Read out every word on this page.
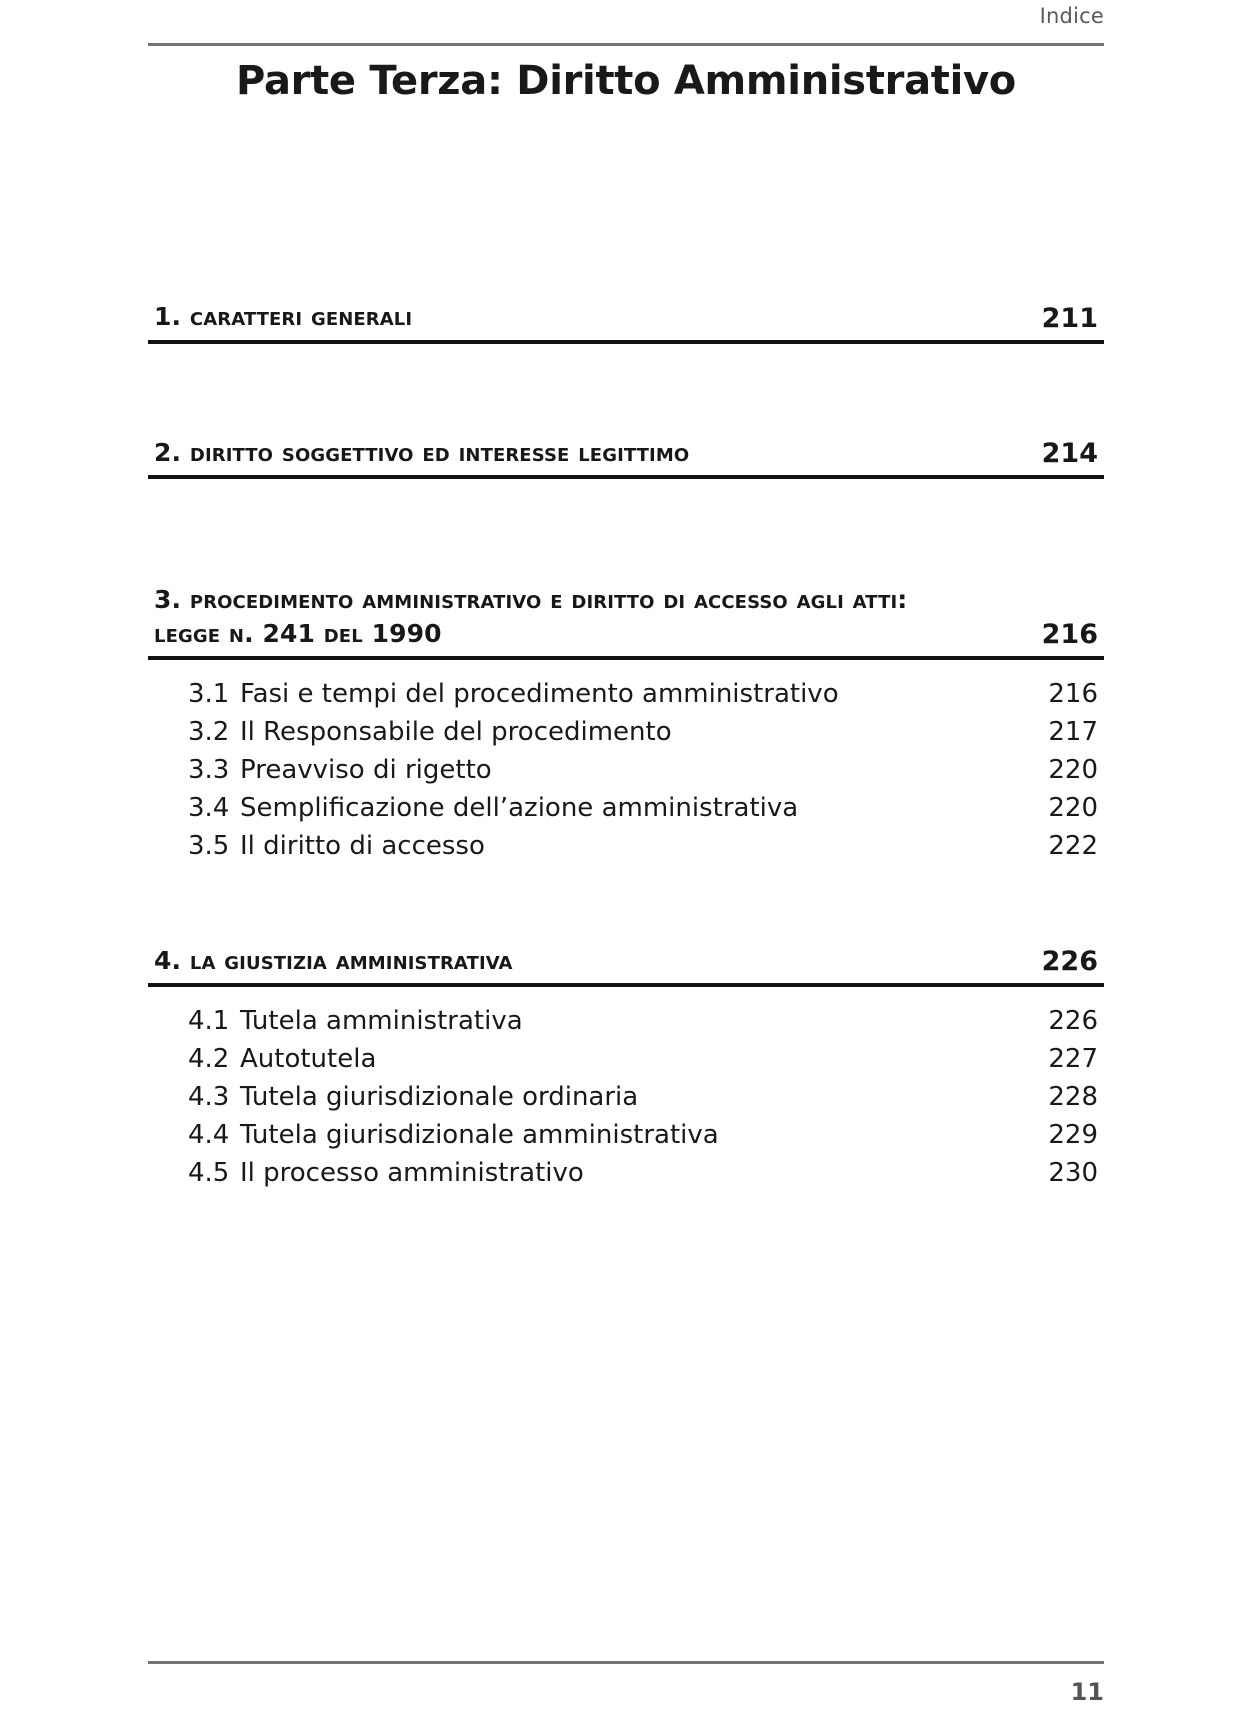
Indice
Parte Terza: Diritto Amministrativo
1. caratteri generali	211
2. diritto soggettivo ed interesse legittimo	214
3. procedimento amministrativo e diritto di accesso agli atti: legge n. 241 del 1990	216
3.1 Fasi e tempi del procedimento amministrativo	216
3.2 Il Responsabile del procedimento	217
3.3 Preavviso di rigetto	220
3.4 Semplificazione dell’azione amministrativa	220
3.5 Il diritto di accesso	222
4. la giustizia amministrativa	226
4.1 Tutela amministrativa	226
4.2 Autotutela	227
4.3 Tutela giurisdizionale ordinaria	228
4.4 Tutela giurisdizionale amministrativa	229
4.5 Il processo amministrativo	230
11
